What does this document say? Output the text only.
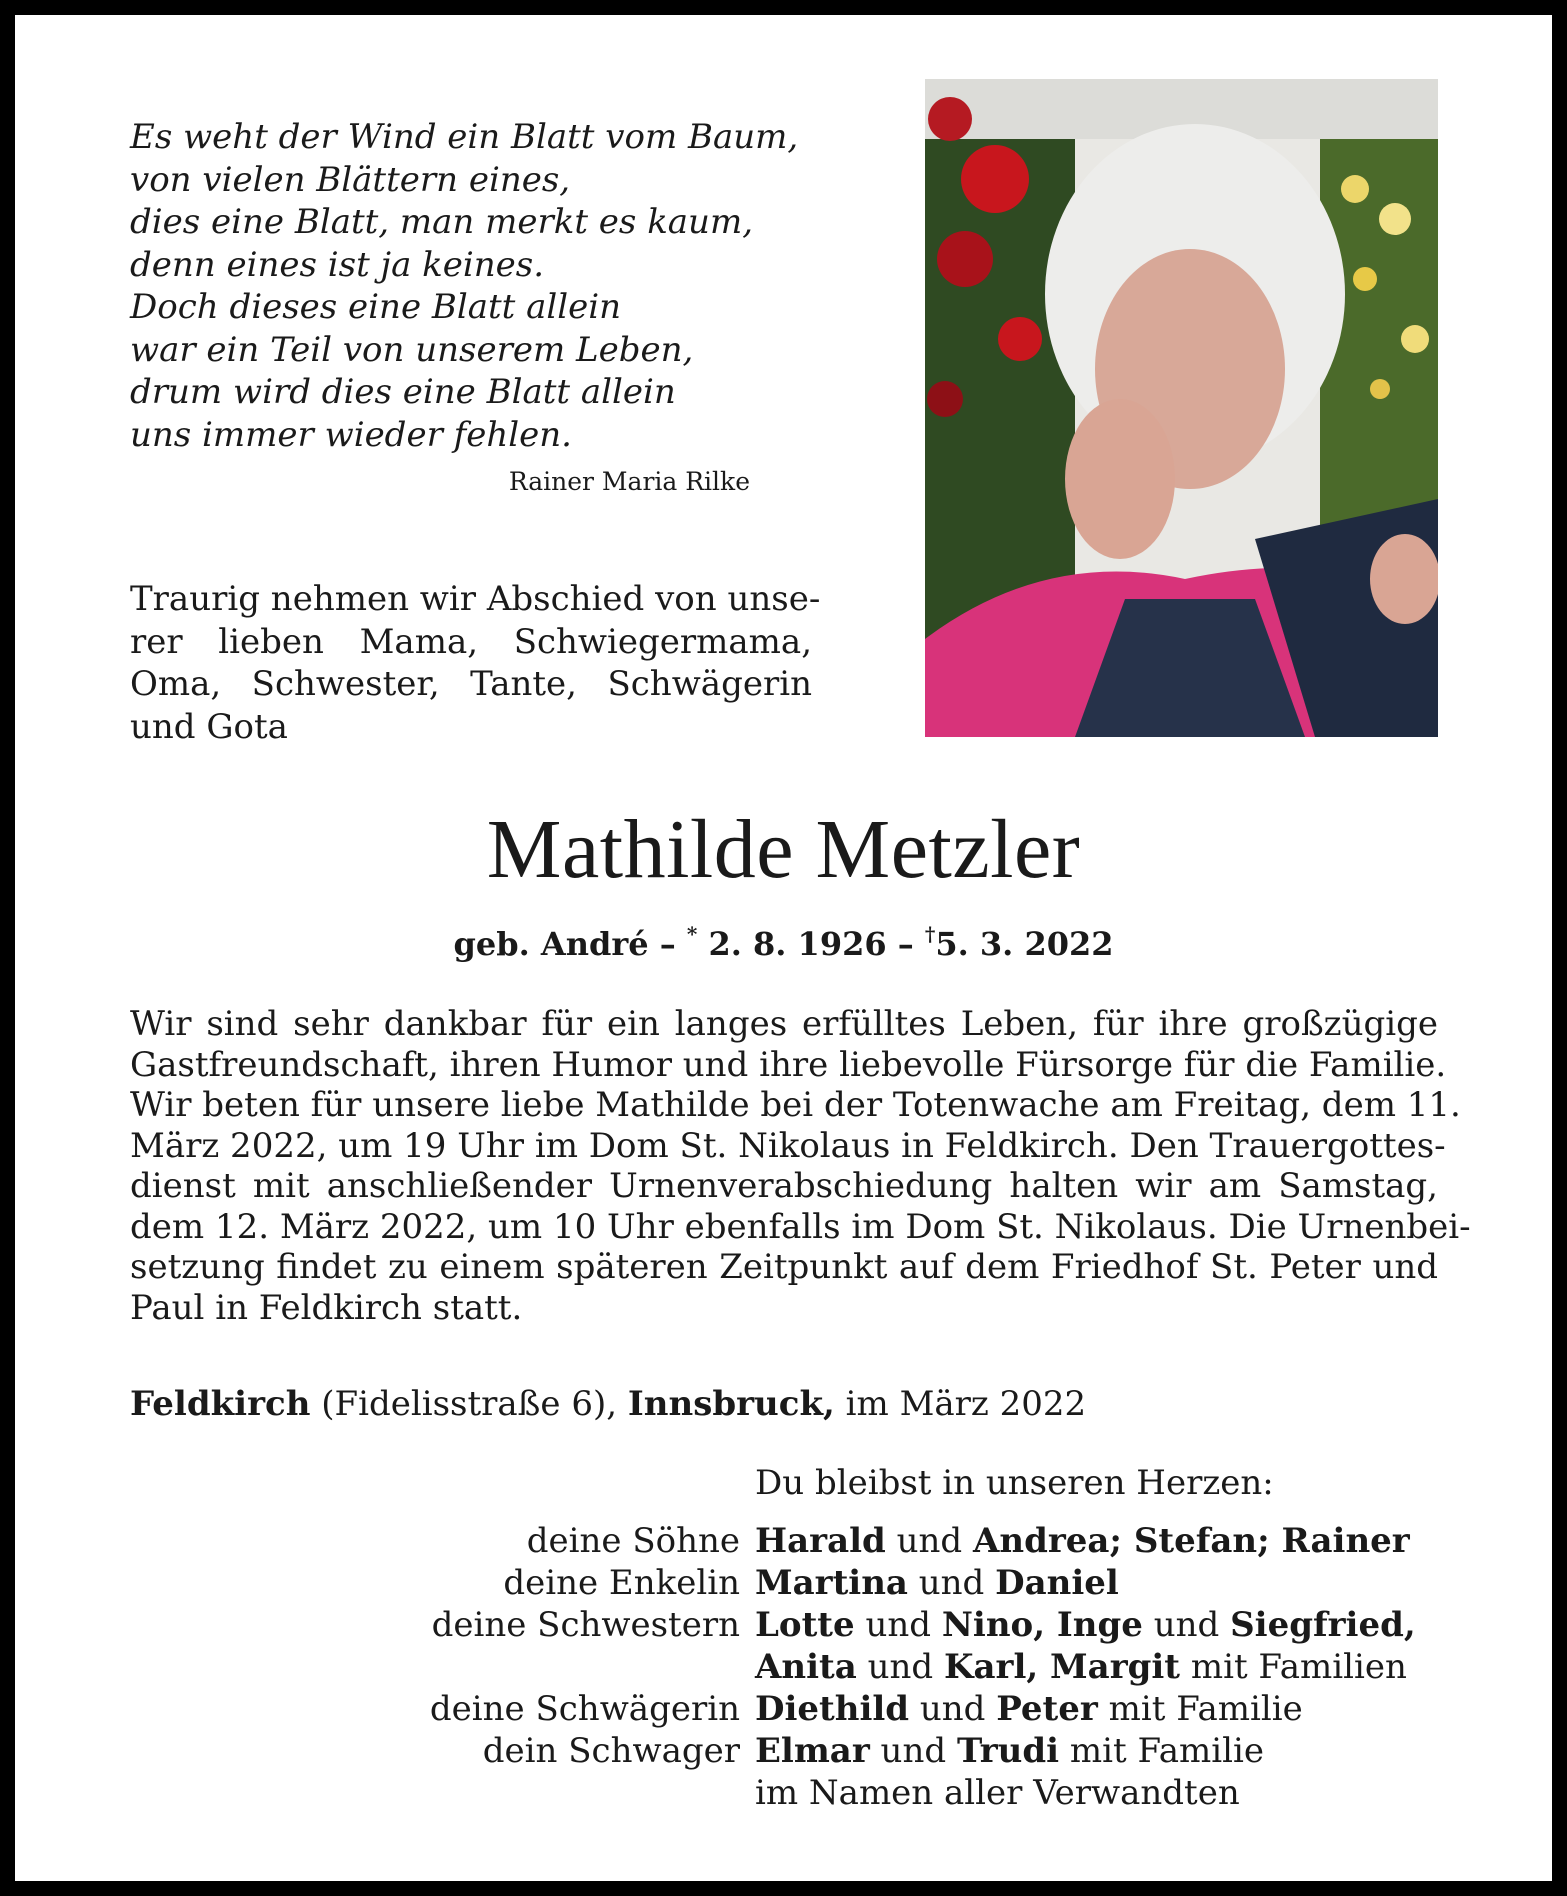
Es weht der Wind ein Blatt vom Baum,
von vielen Blättern eines,
dies eine Blatt, man merkt es kaum,
denn eines ist ja keines.
Doch dieses eine Blatt allein
war ein Teil von unserem Leben,
drum wird dies eine Blatt allein
uns immer wieder fehlen.
Rainer Maria Rilke
Traurig nehmen wir Abschied von unse-
rer lieben Mama, Schwiegermama,
Oma, Schwester, Tante, Schwägerin
und Gota
Mathilde Metzler
geb. André – * 2. 8. 1926 – †5. 3. 2022
Wir sind sehr dankbar für ein langes erfülltes Leben, für ihre großzügige
Gastfreundschaft, ihren Humor und ihre liebevolle Fürsorge für die Familie.
Wir beten für unsere liebe Mathilde bei der Totenwache am Freitag, dem 11.
März 2022, um 19 Uhr im Dom St. Nikolaus in Feldkirch. Den Trauergottes-
dienst mit anschließender Urnenverabschiedung halten wir am Samstag,
dem 12. März 2022, um 10 Uhr ebenfalls im Dom St. Nikolaus. Die Urnenbei-
setzung findet zu einem späteren Zeitpunkt auf dem Friedhof St. Peter und
Paul in Feldkirch statt.
Feldkirch (Fidelisstraße 6), Innsbruck, im März 2022
Du bleibst in unseren Herzen:
deine Söhne Harald und Andrea; Stefan; Rainer
deine Enkelin Martina und Daniel
deine Schwestern Lotte und Nino, Inge und Siegfried,
Anita und Karl, Margit mit Familien
deine Schwägerin Diethild und Peter mit Familie
dein Schwager Elmar und Trudi mit Familie
im Namen aller Verwandten
